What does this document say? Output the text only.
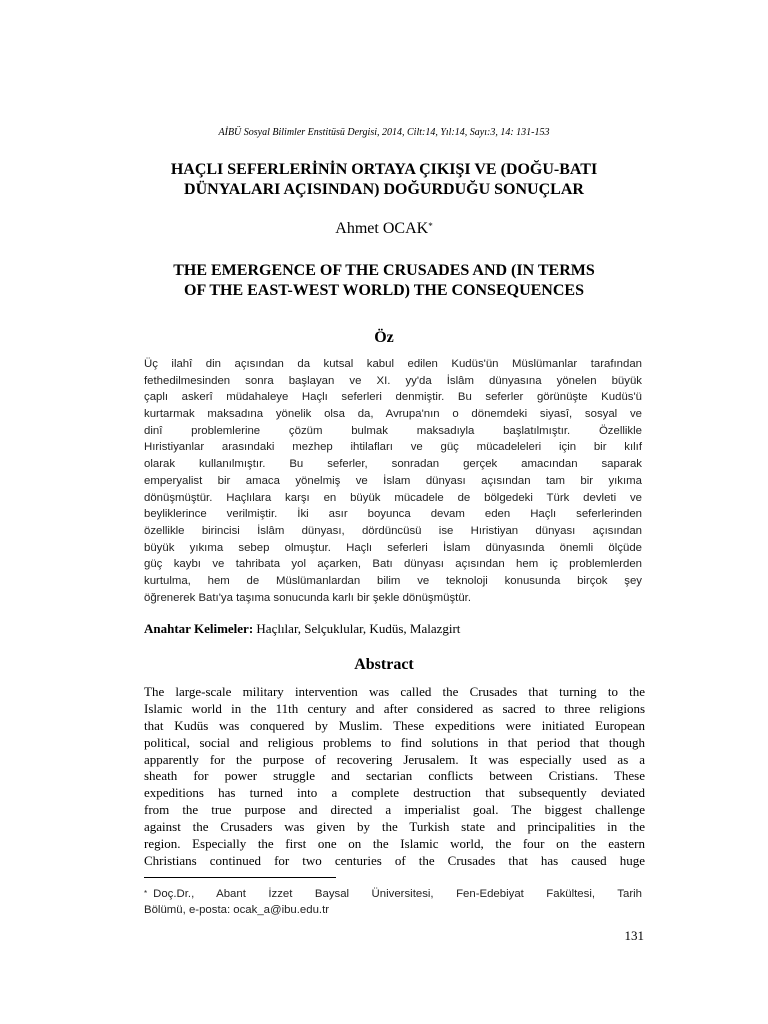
AİBÜ Sosyal Bilimler Enstitüsü Dergisi, 2014, Cilt:14, Yıl:14, Sayı:3, 14: 131-153
HAÇLI SEFERLERİNİN ORTAYA ÇIKIŞI VE (DOĞU-BATI
DÜNYALARI AÇISINDAN) DOĞURDUĞU SONUÇLAR
Ahmet OCAK*
THE EMERGENCE OF THE CRUSADES AND (IN TERMS
OF THE EAST-WEST WORLD) THE CONSEQUENCES
Öz
Üç ilahî din açısından da kutsal kabul edilen Kudüs'ün Müslümanlar tarafından
fethedilmesinden sonra başlayan ve XI. yy'da İslâm dünyasına yönelen büyük
çaplı askerî müdahaleye Haçlı seferleri denmiştir. Bu seferler görünüşte Kudüs'ü
kurtarmak maksadına yönelik olsa da, Avrupa'nın o dönemdeki siyasî, sosyal ve
dinî problemlerine çözüm bulmak maksadıyla başlatılmıştır. Özellikle
Hıristiyanlar arasındaki mezhep ihtilafları ve güç mücadeleleri için bir kılıf
olarak kullanılmıştır. Bu seferler, sonradan gerçek amacından saparak
emperyalist bir amaca yönelmiş ve İslam dünyası açısından tam bir yıkıma
dönüşmüştür. Haçlılara karşı en büyük mücadele de bölgedeki Türk devleti ve
beyliklerince verilmiştir. İki asır boyunca devam eden Haçlı seferlerinden
özellikle birincisi İslâm dünyası, dördüncüsü ise Hıristiyan dünyası açısından
büyük yıkıma sebep olmuştur. Haçlı seferleri İslam dünyasında önemli ölçüde
güç kaybı ve tahribata yol açarken, Batı dünyası açısından hem iç problemlerden
kurtulma, hem de Müslümanlardan bilim ve teknoloji konusunda birçok şey
öğrenerek Batı'ya taşıma sonucunda karlı bir şekle dönüşmüştür.
Anahtar Kelimeler: Haçlılar, Selçuklular, Kudüs, Malazgirt
Abstract
The large-scale military intervention was called the Crusades that turning to the
Islamic world in the 11th century and after considered as sacred to three religions
that Kudüs was conquered by Muslim. These expeditions were initiated European
political, social and religious problems to find solutions in that period that though
apparently for the purpose of recovering Jerusalem. It was especially used as a
sheath for power struggle and sectarian conflicts between Cristians. These
expeditions has turned into a complete destruction that subsequently deviated
from the true purpose and directed a imperialist goal. The biggest challenge
against the Crusaders was given by the Turkish state and principalities in the
region. Especially the first one on the Islamic world, the four on the eastern
Christians continued for two centuries of the Crusades that has caused huge
* Doç.Dr., Abant İzzet Baysal Üniversitesi, Fen-Edebiyat Fakültesi, Tarih
Bölümü, e-posta: ocak_a@ibu.edu.tr
131
